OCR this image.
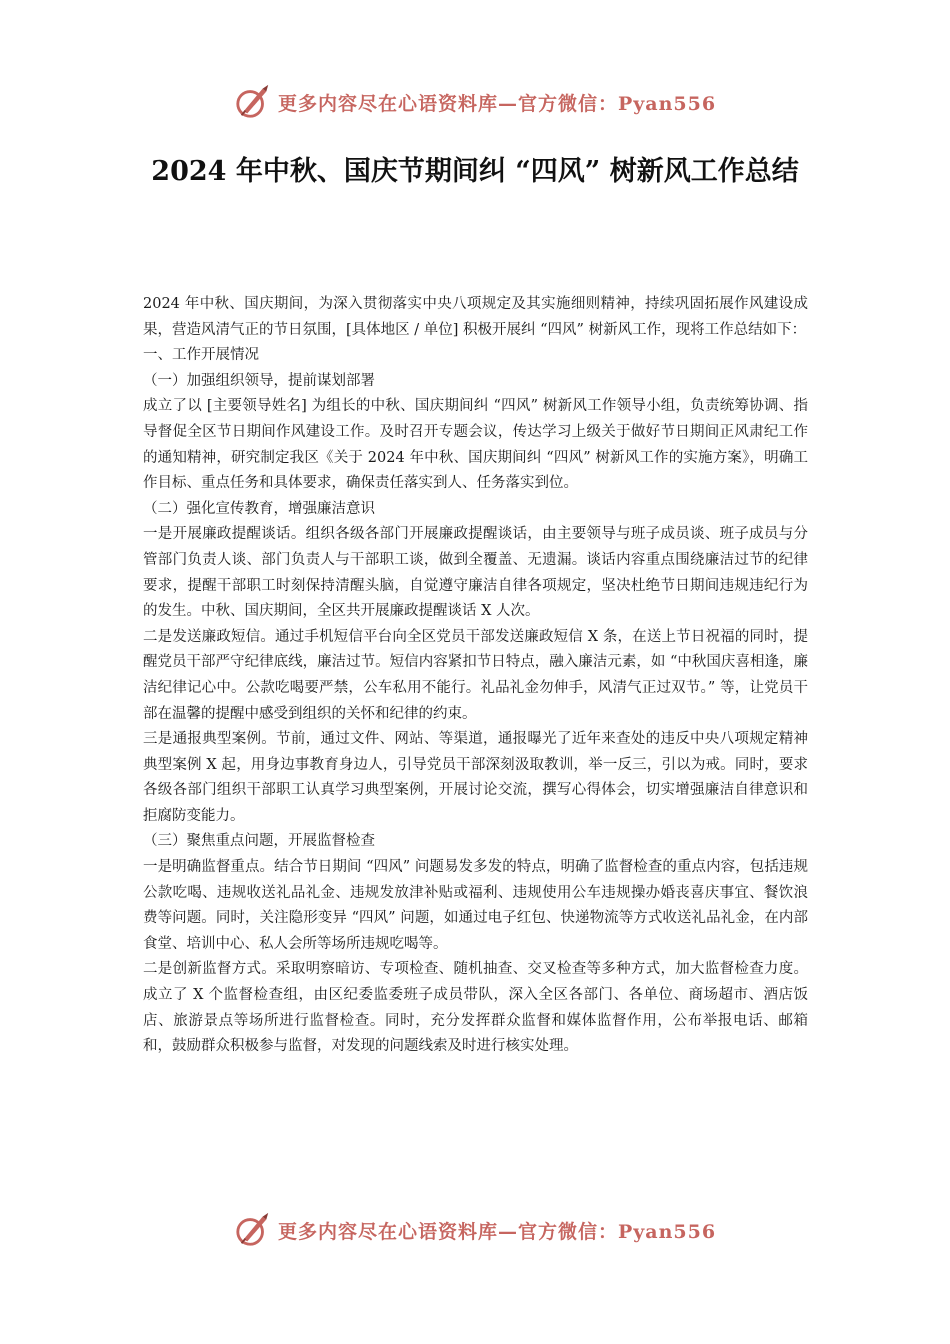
更多内容尽在心语资料库—官方微信：Pyan556
2024 年中秋、国庆节期间纠 “四风” 树新风工作总结

2024 年中秋、国庆期间，为深入贯彻落实中央八项规定及其实施细则精神，持续巩固拓展作风建设成果，营造风清气正的节日氛围，[具体地区 / 单位] 积极开展纠 “四风” 树新风工作，现将工作总结如下：

一、工作开展情况

（一）加强组织领导，提前谋划部署

成立了以 [主要领导姓名] 为组长的中秋、国庆期间纠 “四风” 树新风工作领导小组，负责统筹协调、指导督促全区节日期间作风建设工作。及时召开专题会议，传达学习上级关于做好节日期间正风肃纪工作的通知精神，研究制定我区《关于 2024 年中秋、国庆期间纠 “四风” 树新风工作的实施方案》，明确工作目标、重点任务和具体要求，确保责任落实到人、任务落实到位。

（二）强化宣传教育，增强廉洁意识

一是开展廉政提醒谈话。组织各级各部门开展廉政提醒谈话，由主要领导与班子成员谈、班子成员与分管部门负责人谈、部门负责人与干部职工谈，做到全覆盖、无遗漏。谈话内容重点围绕廉洁过节的纪律要求，提醒干部职工时刻保持清醒头脑，自觉遵守廉洁自律各项规定，坚决杜绝节日期间违规违纪行为的发生。中秋、国庆期间，全区共开展廉政提醒谈话 X 人次。

二是发送廉政短信。通过手机短信平台向全区党员干部发送廉政短信 X 条，在送上节日祝福的同时，提醒党员干部严守纪律底线，廉洁过节。短信内容紧扣节日特点，融入廉洁元素，如 “中秋国庆喜相逢，廉洁纪律记心中。公款吃喝要严禁，公车私用不能行。礼品礼金勿伸手，风清气正过双节。” 等，让党员干部在温馨的提醒中感受到组织的关怀和纪律的约束。

三是通报典型案例。节前，通过文件、网站、等渠道，通报曝光了近年来查处的违反中央八项规定精神典型案例 X 起，用身边事教育身边人，引导党员干部深刻汲取教训，举一反三，引以为戒。同时，要求各级各部门组织干部职工认真学习典型案例，开展讨论交流，撰写心得体会，切实增强廉洁自律意识和拒腐防变能力。

（三）聚焦重点问题，开展监督检查

一是明确监督重点。结合节日期间 “四风” 问题易发多发的特点，明确了监督检查的重点内容，包括违规公款吃喝、违规收送礼品礼金、违规发放津补贴或福利、违规使用公车违规操办婚丧喜庆事宜、餐饮浪费等问题。同时，关注隐形变异 “四风” 问题，如通过电子红包、快递物流等方式收送礼品礼金，在内部食堂、培训中心、私人会所等场所违规吃喝等。

二是创新监督方式。采取明察暗访、专项检查、随机抽查、交叉检查等多种方式，加大监督检查力度。成立了 X 个监督检查组，由区纪委监委班子成员带队，深入全区各部门、各单位、商场超市、酒店饭店、旅游景点等场所进行监督检查。同时，充分发挥群众监督和媒体监督作用，公布举报电话、邮箱和，鼓励群众积极参与监督，对发现的问题线索及时进行核实处理。

更多内容尽在心语资料库—官方微信：Pyan556
